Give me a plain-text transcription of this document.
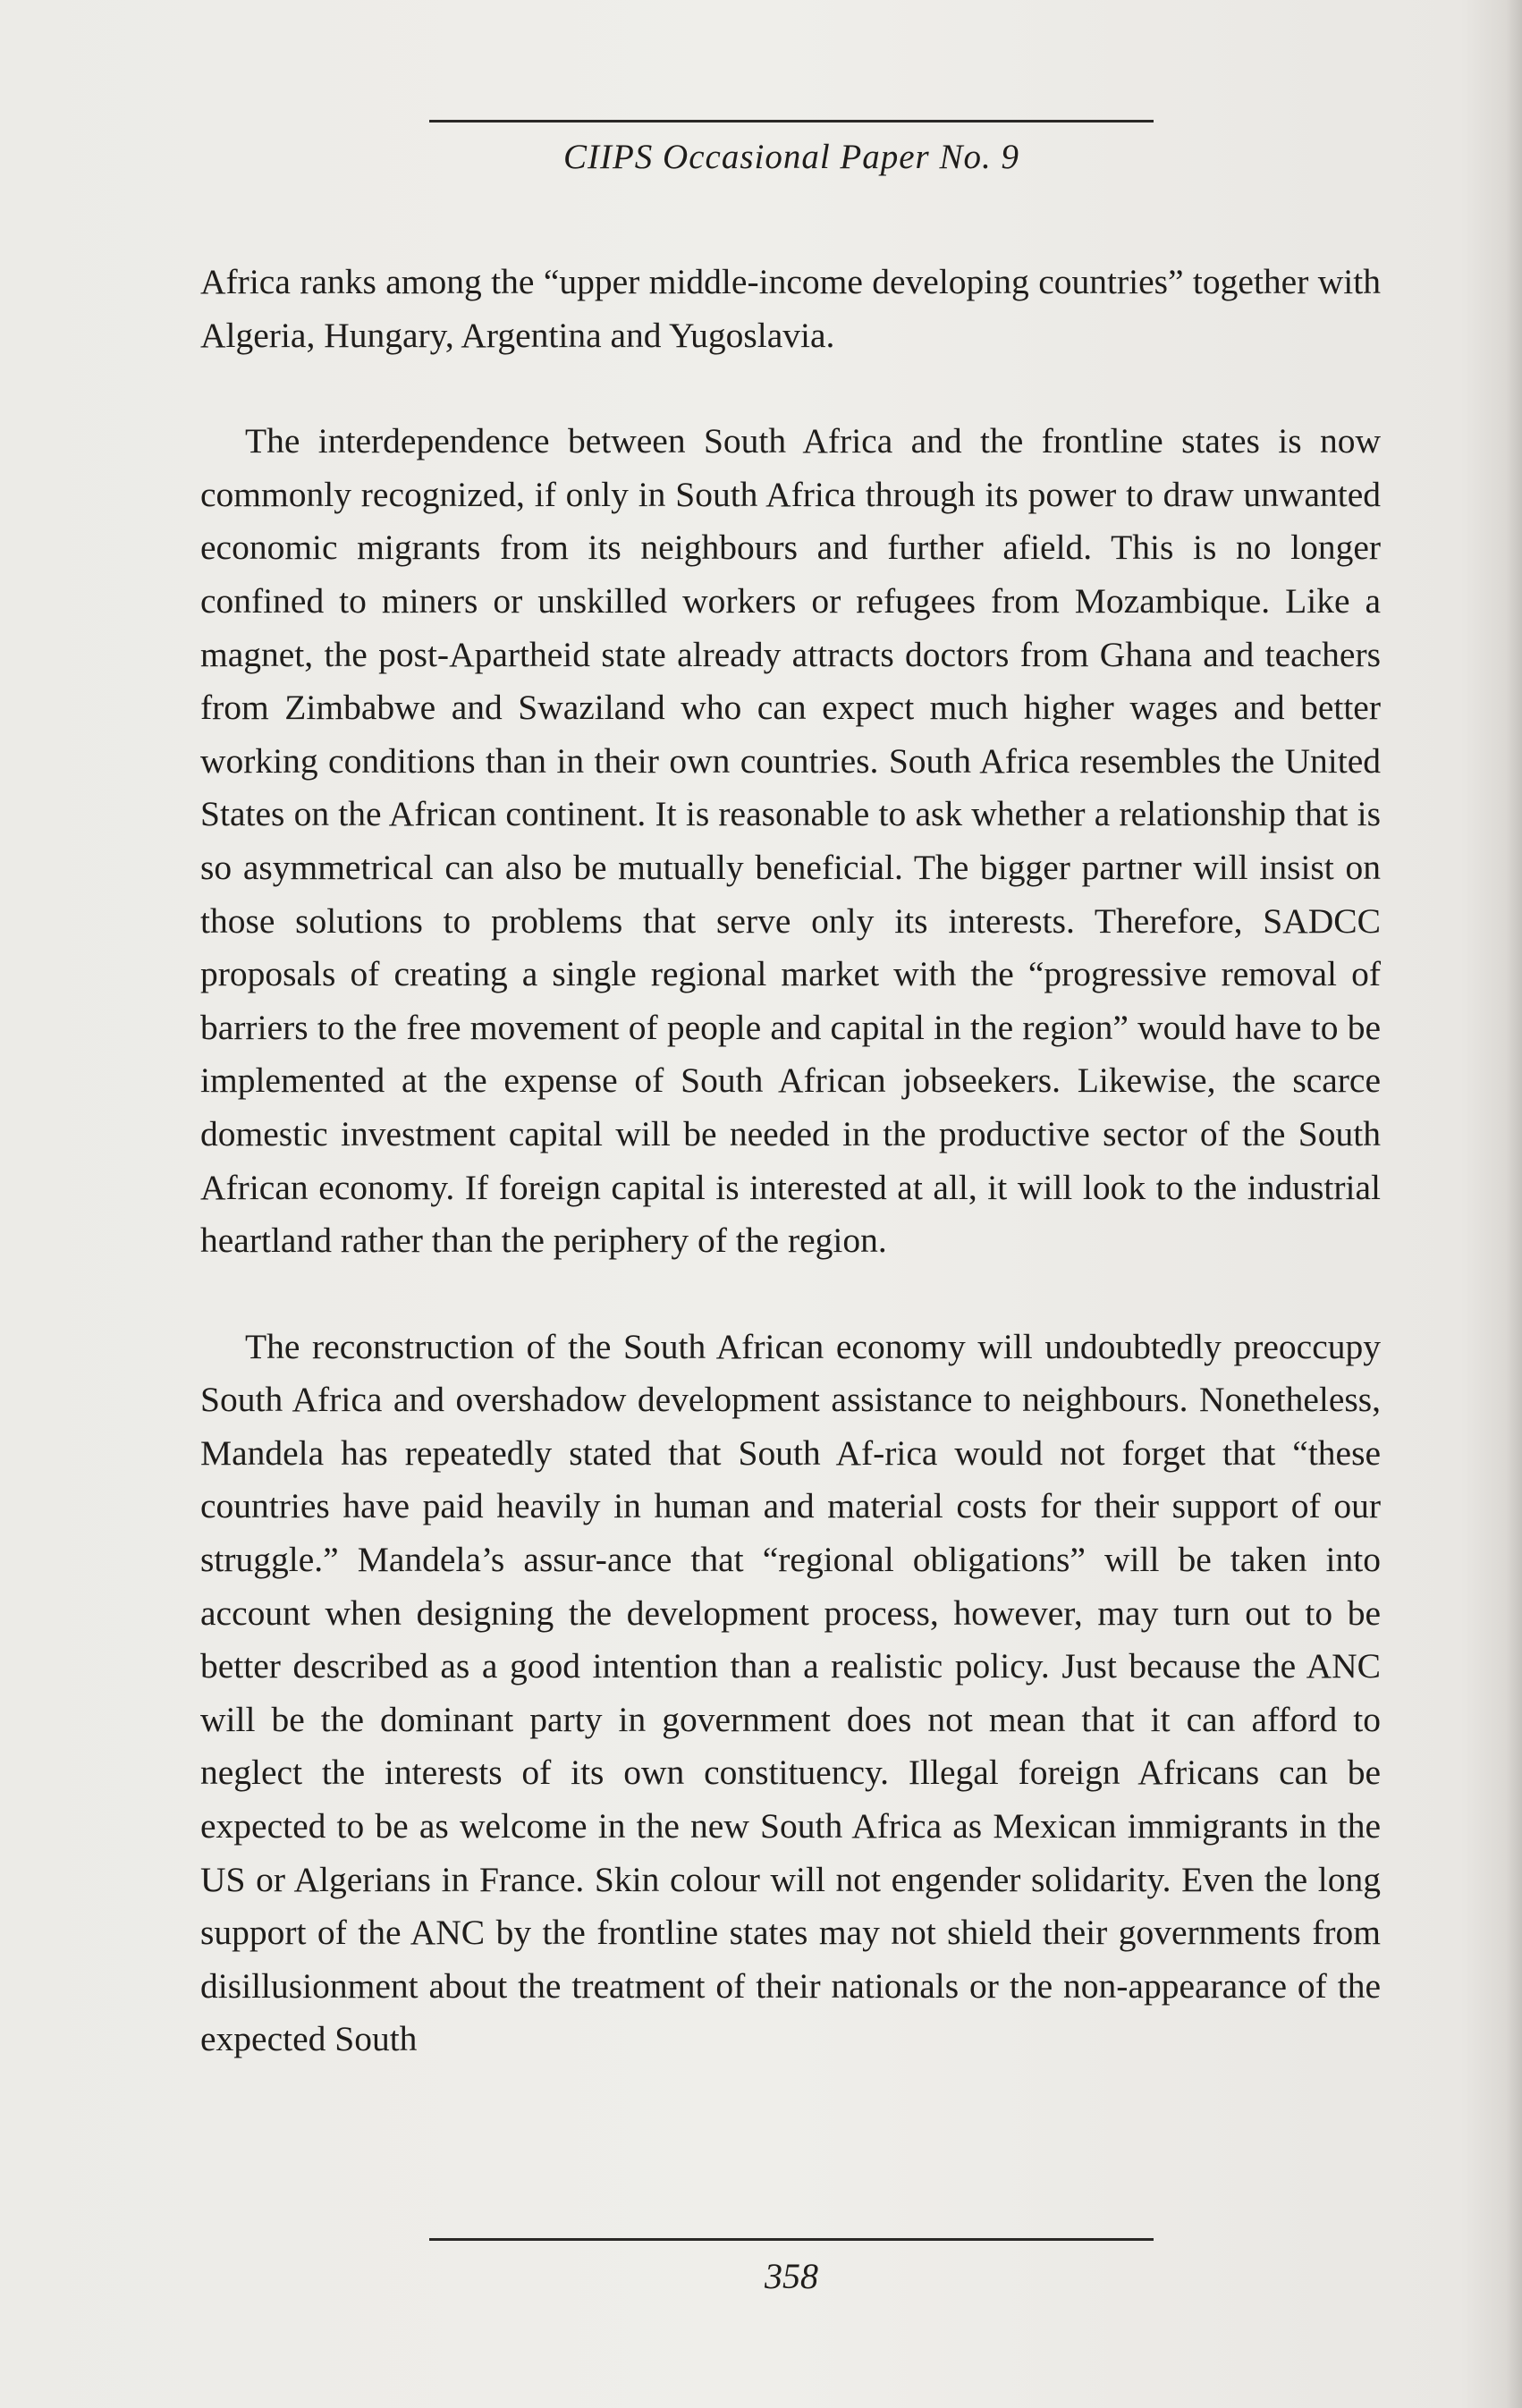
CIIPS Occasional Paper No. 9

Africa ranks among the “upper middle-income developing countries” together with Algeria, Hungary, Argentina and Yugoslavia.

The interdependence between South Africa and the frontline states is now commonly recognized, if only in South Africa through its power to draw unwanted economic migrants from its neighbours and further afield. This is no longer confined to miners or unskilled workers or refugees from Mozambique. Like a magnet, the post-Apartheid state already attracts doctors from Ghana and teachers from Zimbabwe and Swaziland who can expect much higher wages and better working conditions than in their own countries. South Africa resembles the United States on the African continent. It is reasonable to ask whether a relationship that is so asymmetrical can also be mutually beneficial. The bigger partner will insist on those solutions to problems that serve only its interests. Therefore, SADCC proposals of creating a single regional market with the “progressive removal of barriers to the free movement of people and capital in the region” would have to be implemented at the expense of South African jobseekers. Likewise, the scarce domestic investment capital will be needed in the productive sector of the South African economy. If foreign capital is interested at all, it will look to the industrial heartland rather than the periphery of the region.

The reconstruction of the South African economy will undoubtedly preoccupy South Africa and overshadow development assistance to neighbours. Nonetheless, Mandela has repeatedly stated that South Af-rica would not forget that “these countries have paid heavily in human and material costs for their support of our struggle.” Mandela’s assur-ance that “regional obligations” will be taken into account when designing the development process, however, may turn out to be better described as a good intention than a realistic policy. Just because the ANC will be the dominant party in government does not mean that it can afford to neglect the interests of its own constituency. Illegal foreign Africans can be expected to be as welcome in the new South Africa as Mexican immigrants in the US or Algerians in France. Skin colour will not engender solidarity. Even the long support of the ANC by the frontline states may not shield their governments from disillusionment about the treatment of their nationals or the non-appearance of the expected South

358
